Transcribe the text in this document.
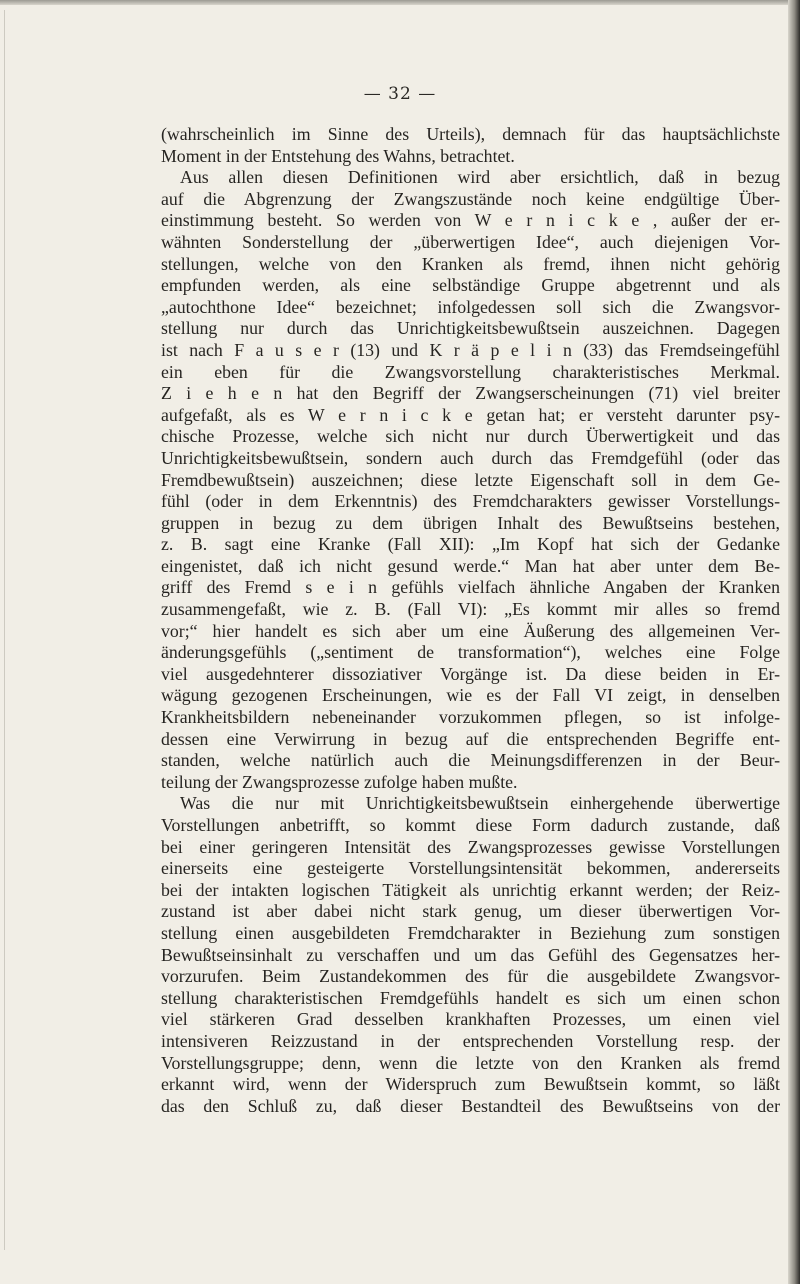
— 32 —
(wahrscheinlich im Sinne des Urteils), demnach für das hauptsächlichste
Moment in der Entstehung des Wahns, betrachtet.
Aus allen diesen Definitionen wird aber ersichtlich, daß in bezug
auf die Abgrenzung der Zwangszustände noch keine endgültige Über-
einstimmung besteht. So werden von W e r n i c k e , außer der er-
wähnten Sonderstellung der „überwertigen Idee“, auch diejenigen Vor-
stellungen, welche von den Kranken als fremd, ihnen nicht gehörig
empfunden werden, als eine selbständige Gruppe abgetrennt und als
„autochthone Idee“ bezeichnet; infolgedessen soll sich die Zwangsvor-
stellung nur durch das Unrichtigkeitsbewußtsein auszeichnen. Dagegen
ist nach F a u s e r (13) und K r ä p e l i n (33) das Fremdseingefühl
ein eben für die Zwangsvorstellung charakteristisches Merkmal.
Z i e h e n hat den Begriff der Zwangserscheinungen (71) viel breiter
aufgefaßt, als es W e r n i c k e getan hat; er versteht darunter psy-
chische Prozesse, welche sich nicht nur durch Überwertigkeit und das
Unrichtigkeitsbewußtsein, sondern auch durch das Fremdgefühl (oder das
Fremdbewußtsein) auszeichnen; diese letzte Eigenschaft soll in dem Ge-
fühl (oder in dem Erkenntnis) des Fremdcharakters gewisser Vorstellungs-
gruppen in bezug zu dem übrigen Inhalt des Bewußtseins bestehen,
z. B. sagt eine Kranke (Fall XII): „Im Kopf hat sich der Gedanke
eingenistet, daß ich nicht gesund werde.“ Man hat aber unter dem Be-
griff des Fremd s e i n gefühls vielfach ähnliche Angaben der Kranken
zusammengefaßt, wie z. B. (Fall VI): „Es kommt mir alles so fremd
vor;“ hier handelt es sich aber um eine Äußerung des allgemeinen Ver-
änderungsgefühls („sentiment de transformation“), welches eine Folge
viel ausgedehnterer dissoziativer Vorgänge ist. Da diese beiden in Er-
wägung gezogenen Erscheinungen, wie es der Fall VI zeigt, in denselben
Krankheitsbildern nebeneinander vorzukommen pflegen, so ist infolge-
dessen eine Verwirrung in bezug auf die entsprechenden Begriffe ent-
standen, welche natürlich auch die Meinungsdifferenzen in der Beur-
teilung der Zwangsprozesse zufolge haben mußte.
Was die nur mit Unrichtigkeitsbewußtsein einhergehende überwertige
Vorstellungen anbetrifft, so kommt diese Form dadurch zustande, daß
bei einer geringeren Intensität des Zwangsprozesses gewisse Vorstellungen
einerseits eine gesteigerte Vorstellungsintensität bekommen, andererseits
bei der intakten logischen Tätigkeit als unrichtig erkannt werden; der Reiz-
zustand ist aber dabei nicht stark genug, um dieser überwertigen Vor-
stellung einen ausgebildeten Fremdcharakter in Beziehung zum sonstigen
Bewußtseinsinhalt zu verschaffen und um das Gefühl des Gegensatzes her-
vorzurufen. Beim Zustandekommen des für die ausgebildete Zwangsvor-
stellung charakteristischen Fremdgefühls handelt es sich um einen schon
viel stärkeren Grad desselben krankhaften Prozesses, um einen viel
intensiveren Reizzustand in der entsprechenden Vorstellung resp. der
Vorstellungsgruppe; denn, wenn die letzte von den Kranken als fremd
erkannt wird, wenn der Widerspruch zum Bewußtsein kommt, so läßt
das den Schluß zu, daß dieser Bestandteil des Bewußtseins von der
